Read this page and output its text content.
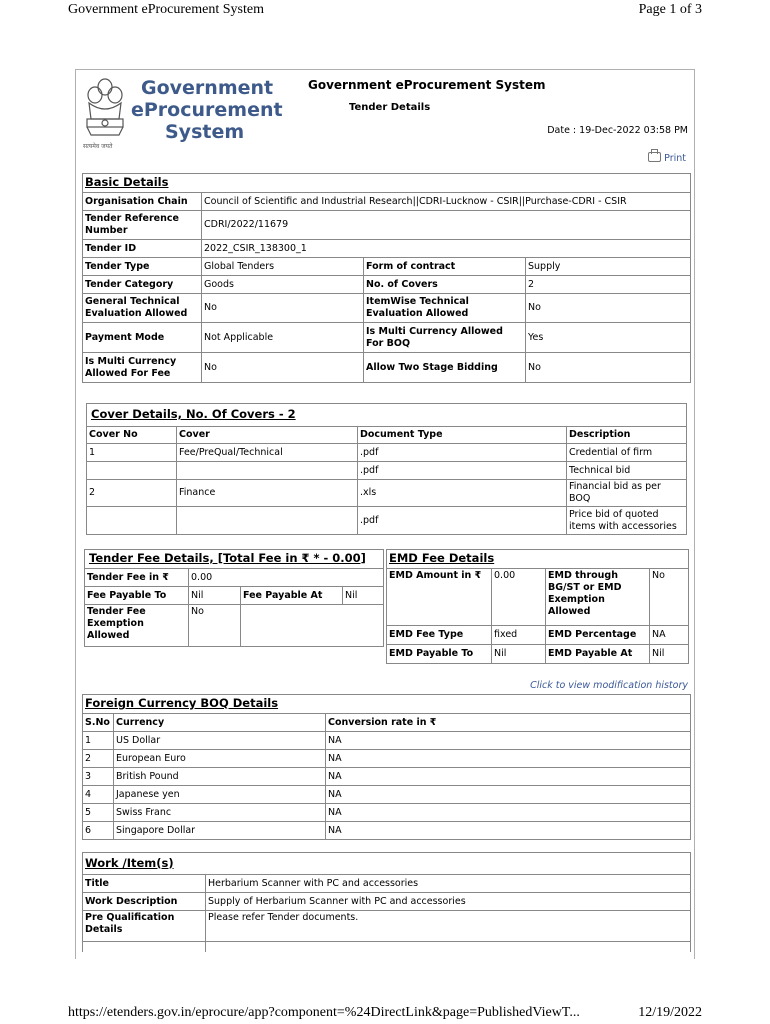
Government eProcurement System	Page 1 of 3
सत्यमेव जयते
Government
eProcurement
System
Government eProcurement System
Tender Details
Date : 19-Dec-2022 03:58 PM
Print
Basic Details			
Organisation Chain	Council of Scientific and Industrial Research||CDRI-Lucknow - CSIR||Purchase-CDRI - CSIR		
Tender Reference Number	CDRI/2022/11679		
Tender ID	2022_CSIR_138300_1		
Tender Type	Global Tenders	Form of contract	Supply
Tender Category	Goods	No. of Covers	2
General Technical Evaluation Allowed	No	ItemWise Technical Evaluation Allowed	No
Payment Mode	Not Applicable	Is Multi Currency Allowed For BOQ	Yes
Is Multi Currency Allowed For Fee	No	Allow Two Stage Bidding	No
Cover Details, No. Of Covers - 2			
Cover No	Cover	Document Type	Description
1	Fee/PreQual/Technical	.pdf	Credential of firm
		.pdf	Technical bid
2	Finance	.xls	Financial bid as per BOQ
		.pdf	Price bid of quoted items with accessories
Tender Fee Details, [Total Fee in ₹ * - 0.00]			
Tender Fee in ₹	0.00		
Fee Payable To	Nil	Fee Payable At	Nil
Tender Fee Exemption Allowed	No		
EMD Fee Details			
EMD Amount in ₹	0.00	EMD through BG/ST or EMD Exemption Allowed	No
EMD Fee Type	fixed	EMD Percentage	NA
EMD Payable To	Nil	EMD Payable At	Nil
Click to view modification history
Foreign Currency BOQ Details		
S.No	Currency	Conversion rate in ₹
1	US Dollar	NA
2	European Euro	NA
3	British Pound	NA
4	Japanese yen	NA
5	Swiss Franc	NA
6	Singapore Dollar	NA
Work /Item(s)	
Title	Herbarium Scanner with PC and accessories
Work Description	Supply of Herbarium Scanner with PC and accessories
Pre Qualification Details	Please refer Tender documents.

https://etenders.gov.in/eprocure/app?component=%24DirectLink&page=PublishedViewT...	12/19/2022
